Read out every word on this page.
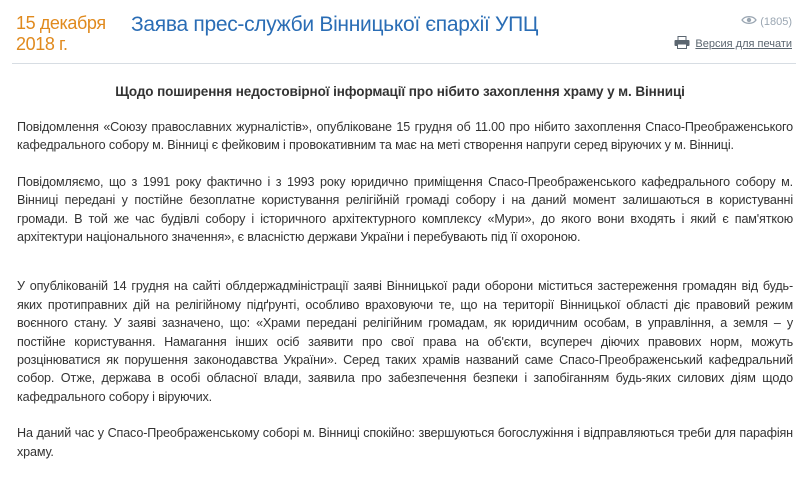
15 декабря
2018 г.
Заява прес-служби Вінницької єпархії УПЦ	(1805)
Версия для печати
Щодо поширення недостовірної інформації про нібито захоплення храму у м. Вінниці

Повідомлення «Союзу православних журналістів», опубліковане 15 грудня об 11.00 про нібито захоплення Спасо-Преображенського кафедрального собору м. Вінниці є фейковим і провокативним та має на меті створення напруги серед віруючих у м. Вінниці.

Повідомляємо, що з 1991 року фактично і з 1993 року юридично приміщення Спасо-Преображенського кафедрального собору м. Вінниці передані у постійне безоплатне користування релігійній громаді собору і на даний момент залишаються в користуванні громади. В той же час будівлі собору і історичного архітектурного комплексу «Мури», до якого вони входять і який є пам'яткою архітектури національного значення», є власністю держави України і перебувають під її охороною.

У опублікованій 14 грудня на сайті облдержадміністрації заяві Вінницької ради оборони міститься застереження громадян від будь-яких протиправних дій на релігійному підґрунті, особливо враховуючи те, що на території Вінницької області діє правовий режим воєнного стану. У заяві зазначено, що: «Храми передані релігійним громадам, як юридичним особам, в управління, а земля – у постійне користування. Намагання інших осіб заявити про свої права на об'єкти, всупереч діючих правових норм, можуть розцінюватися як порушення законодавства України». Серед таких храмів названий саме Спасо-Преображенський кафедральний собор. Отже, держава в особі обласної влади, заявила про забезпечення безпеки і запобіганням будь-яких силових діям щодо кафедрального собору і віруючих.

На даний час у Спасо-Преображенському соборі м. Вінниці спокійно: звершуються богослужіння і відправляються треби для парафіян храму.
